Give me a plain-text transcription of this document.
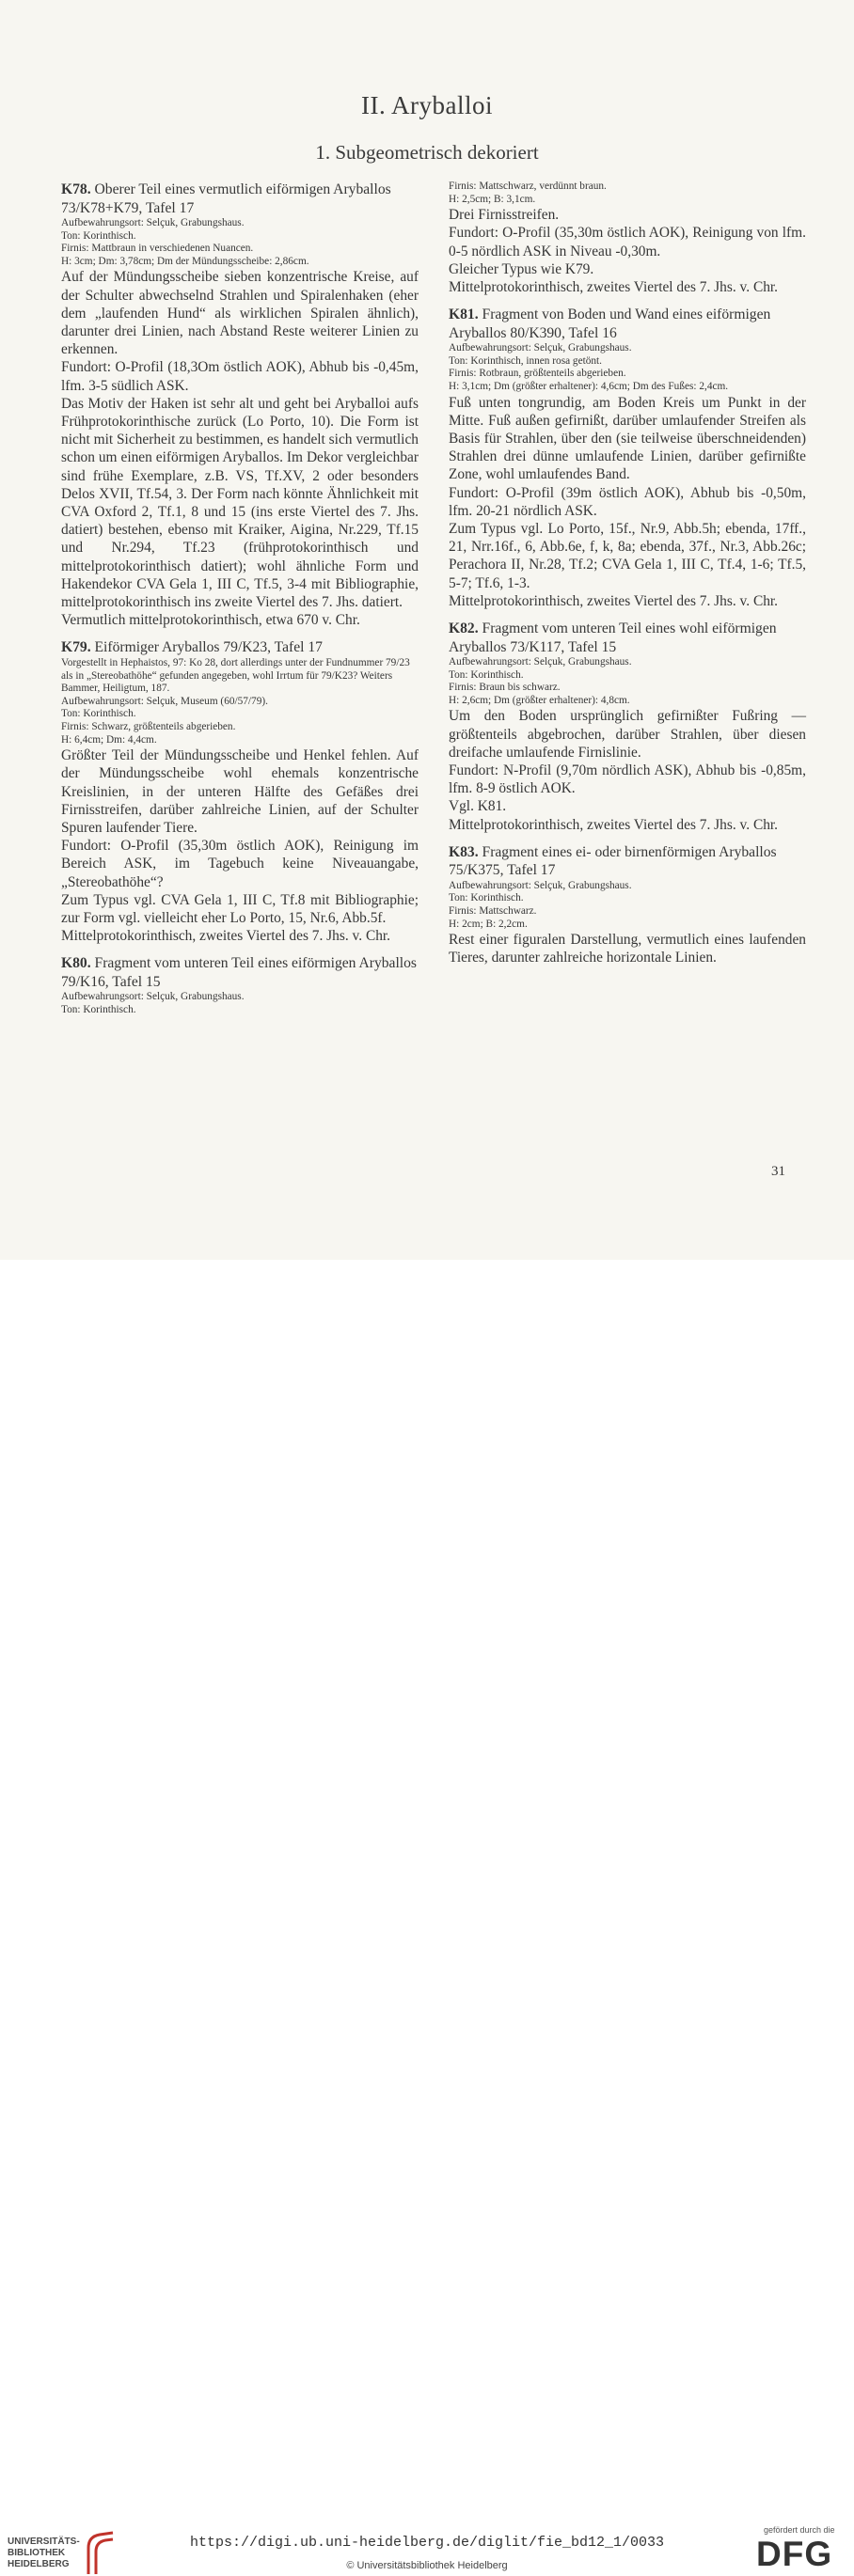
II. Aryballoi
1. Subgeometrisch dekoriert

K78. Oberer Teil eines vermutlich eiförmigen Aryballos 73/K78+K79, Tafel 17

Aufbewahrungsort: Selçuk, Grabungshaus.

Ton: Korinthisch.

Firnis: Mattbraun in verschiedenen Nuancen.

H: 3cm; Dm: 3,78cm; Dm der Mündungsscheibe: 2,86cm.

Auf der Mündungsscheibe sieben konzentrische Kreise, auf der Schulter abwechselnd Strahlen und Spiralenhaken (eher dem „laufenden Hund“ als wirklichen Spiralen ähnlich), darunter drei Linien, nach Abstand Reste weiterer Linien zu erkennen.

Fundort: O-Profil (18,3Om östlich AOK), Abhub bis -0,45m, lfm. 3-5 südlich ASK.

Das Motiv der Haken ist sehr alt und geht bei Aryballoi aufs Frühprotokorinthische zurück (Lo Porto, 10). Die Form ist nicht mit Sicherheit zu bestimmen, es handelt sich vermutlich schon um einen eiförmigen Aryballos. Im Dekor vergleichbar sind frühe Exemplare, z.B. VS, Tf.XV, 2 oder besonders Delos XVII, Tf.54, 3. Der Form nach könnte Ähnlichkeit mit CVA Oxford 2, Tf.1, 8 und 15 (ins erste Viertel des 7. Jhs. datiert) bestehen, ebenso mit Kraiker, Aigina, Nr.229, Tf.15 und Nr.294, Tf.23 (frühprotokorinthisch und mittelprotokorinthisch datiert); wohl ähnliche Form und Hakendekor CVA Gela 1, III C, Tf.5, 3-4 mit Bibliographie, mittelprotokorinthisch ins zweite Viertel des 7. Jhs. datiert.

Vermutlich mittelprotokorinthisch, etwa 670 v. Chr.

K79. Eiförmiger Aryballos 79/K23, Tafel 17

Vorgestellt in Hephaistos, 97: Ko 28, dort allerdings unter der Fundnummer 79/23 als in „Stereobathöhe“ gefunden angegeben, wohl Irrtum für 79/K23? Weiters Bammer, Heiligtum, 187.

Aufbewahrungsort: Selçuk, Museum (60/57/79).

Ton: Korinthisch.

Firnis: Schwarz, größtenteils abgerieben.

H: 6,4cm; Dm: 4,4cm.

Größter Teil der Mündungsscheibe und Henkel fehlen. Auf der Mündungsscheibe wohl ehemals konzentrische Kreislinien, in der unteren Hälfte des Gefäßes drei Firnisstreifen, darüber zahlreiche Linien, auf der Schulter Spuren laufender Tiere.

Fundort: O-Profil (35,30m östlich AOK), Reinigung im Bereich ASK, im Tagebuch keine Niveauangabe, „Stereobathöhe“?

Zum Typus vgl. CVA Gela 1, III C, Tf.8 mit Bibliographie; zur Form vgl. vielleicht eher Lo Porto, 15, Nr.6, Abb.5f.

Mittelprotokorinthisch, zweites Viertel des 7. Jhs. v. Chr.

K80. Fragment vom unteren Teil eines eiförmigen Aryballos 79/K16, Tafel 15

Aufbewahrungsort: Selçuk, Grabungshaus.

Ton: Korinthisch.

Firnis: Mattschwarz, verdünnt braun.

H: 2,5cm; B: 3,1cm.

Drei Firnisstreifen.

Fundort: O-Profil (35,30m östlich AOK), Reinigung von lfm. 0-5 nördlich ASK in Niveau -0,30m.

Gleicher Typus wie K79.

Mittelprotokorinthisch, zweites Viertel des 7. Jhs. v. Chr.

K81. Fragment von Boden und Wand eines eiförmigen Aryballos 80/K390, Tafel 16

Aufbewahrungsort: Selçuk, Grabungshaus.

Ton: Korinthisch, innen rosa getönt.

Firnis: Rotbraun, größtenteils abgerieben.

H: 3,1cm; Dm (größter erhaltener): 4,6cm; Dm des Fußes: 2,4cm.

Fuß unten tongrundig, am Boden Kreis um Punkt in der Mitte. Fuß außen gefirnißt, darüber umlaufender Streifen als Basis für Strahlen, über den (sie teilweise überschneidenden) Strahlen drei dünne umlaufende Linien, darüber gefirnißte Zone, wohl umlaufendes Band.

Fundort: O-Profil (39m östlich AOK), Abhub bis -0,50m, lfm. 20-21 nördlich ASK.

Zum Typus vgl. Lo Porto, 15f., Nr.9, Abb.5h; ebenda, 17ff., 21, Nrr.16f., 6, Abb.6e, f, k, 8a; ebenda, 37f., Nr.3, Abb.26c; Perachora II, Nr.28, Tf.2; CVA Gela 1, III C, Tf.4, 1-6; Tf.5, 5-7; Tf.6, 1-3.

Mittelprotokorinthisch, zweites Viertel des 7. Jhs. v. Chr.

K82. Fragment vom unteren Teil eines wohl eiförmigen Aryballos 73/K117, Tafel 15

Aufbewahrungsort: Selçuk, Grabungshaus.

Ton: Korinthisch.

Firnis: Braun bis schwarz.

H: 2,6cm; Dm (größter erhaltener): 4,8cm.

Um den Boden ursprünglich gefirnißter Fußring — größtenteils abgebrochen, darüber Strahlen, über diesen dreifache umlaufende Firnislinie.

Fundort: N-Profil (9,70m nördlich ASK), Abhub bis -0,85m, lfm. 8-9 östlich AOK.

Vgl. K81.

Mittelprotokorinthisch, zweites Viertel des 7. Jhs. v. Chr.

K83. Fragment eines ei- oder birnenförmigen Aryballos 75/K375, Tafel 17

Aufbewahrungsort: Selçuk, Grabungshaus.

Ton: Korinthisch.

Firnis: Mattschwarz.

H: 2cm; B: 2,2cm.

Rest einer figuralen Darstellung, vermutlich eines laufenden Tieres, darunter zahlreiche horizontale Linien.

31
UNIVERSITÄTS-
BIBLIOTHEK
HEIDELBERG
https://digi.ub.uni-heidelberg.de/diglit/fie_bd12_1/0033
© Universitätsbibliothek Heidelberg
gefördert durch die
DFG
